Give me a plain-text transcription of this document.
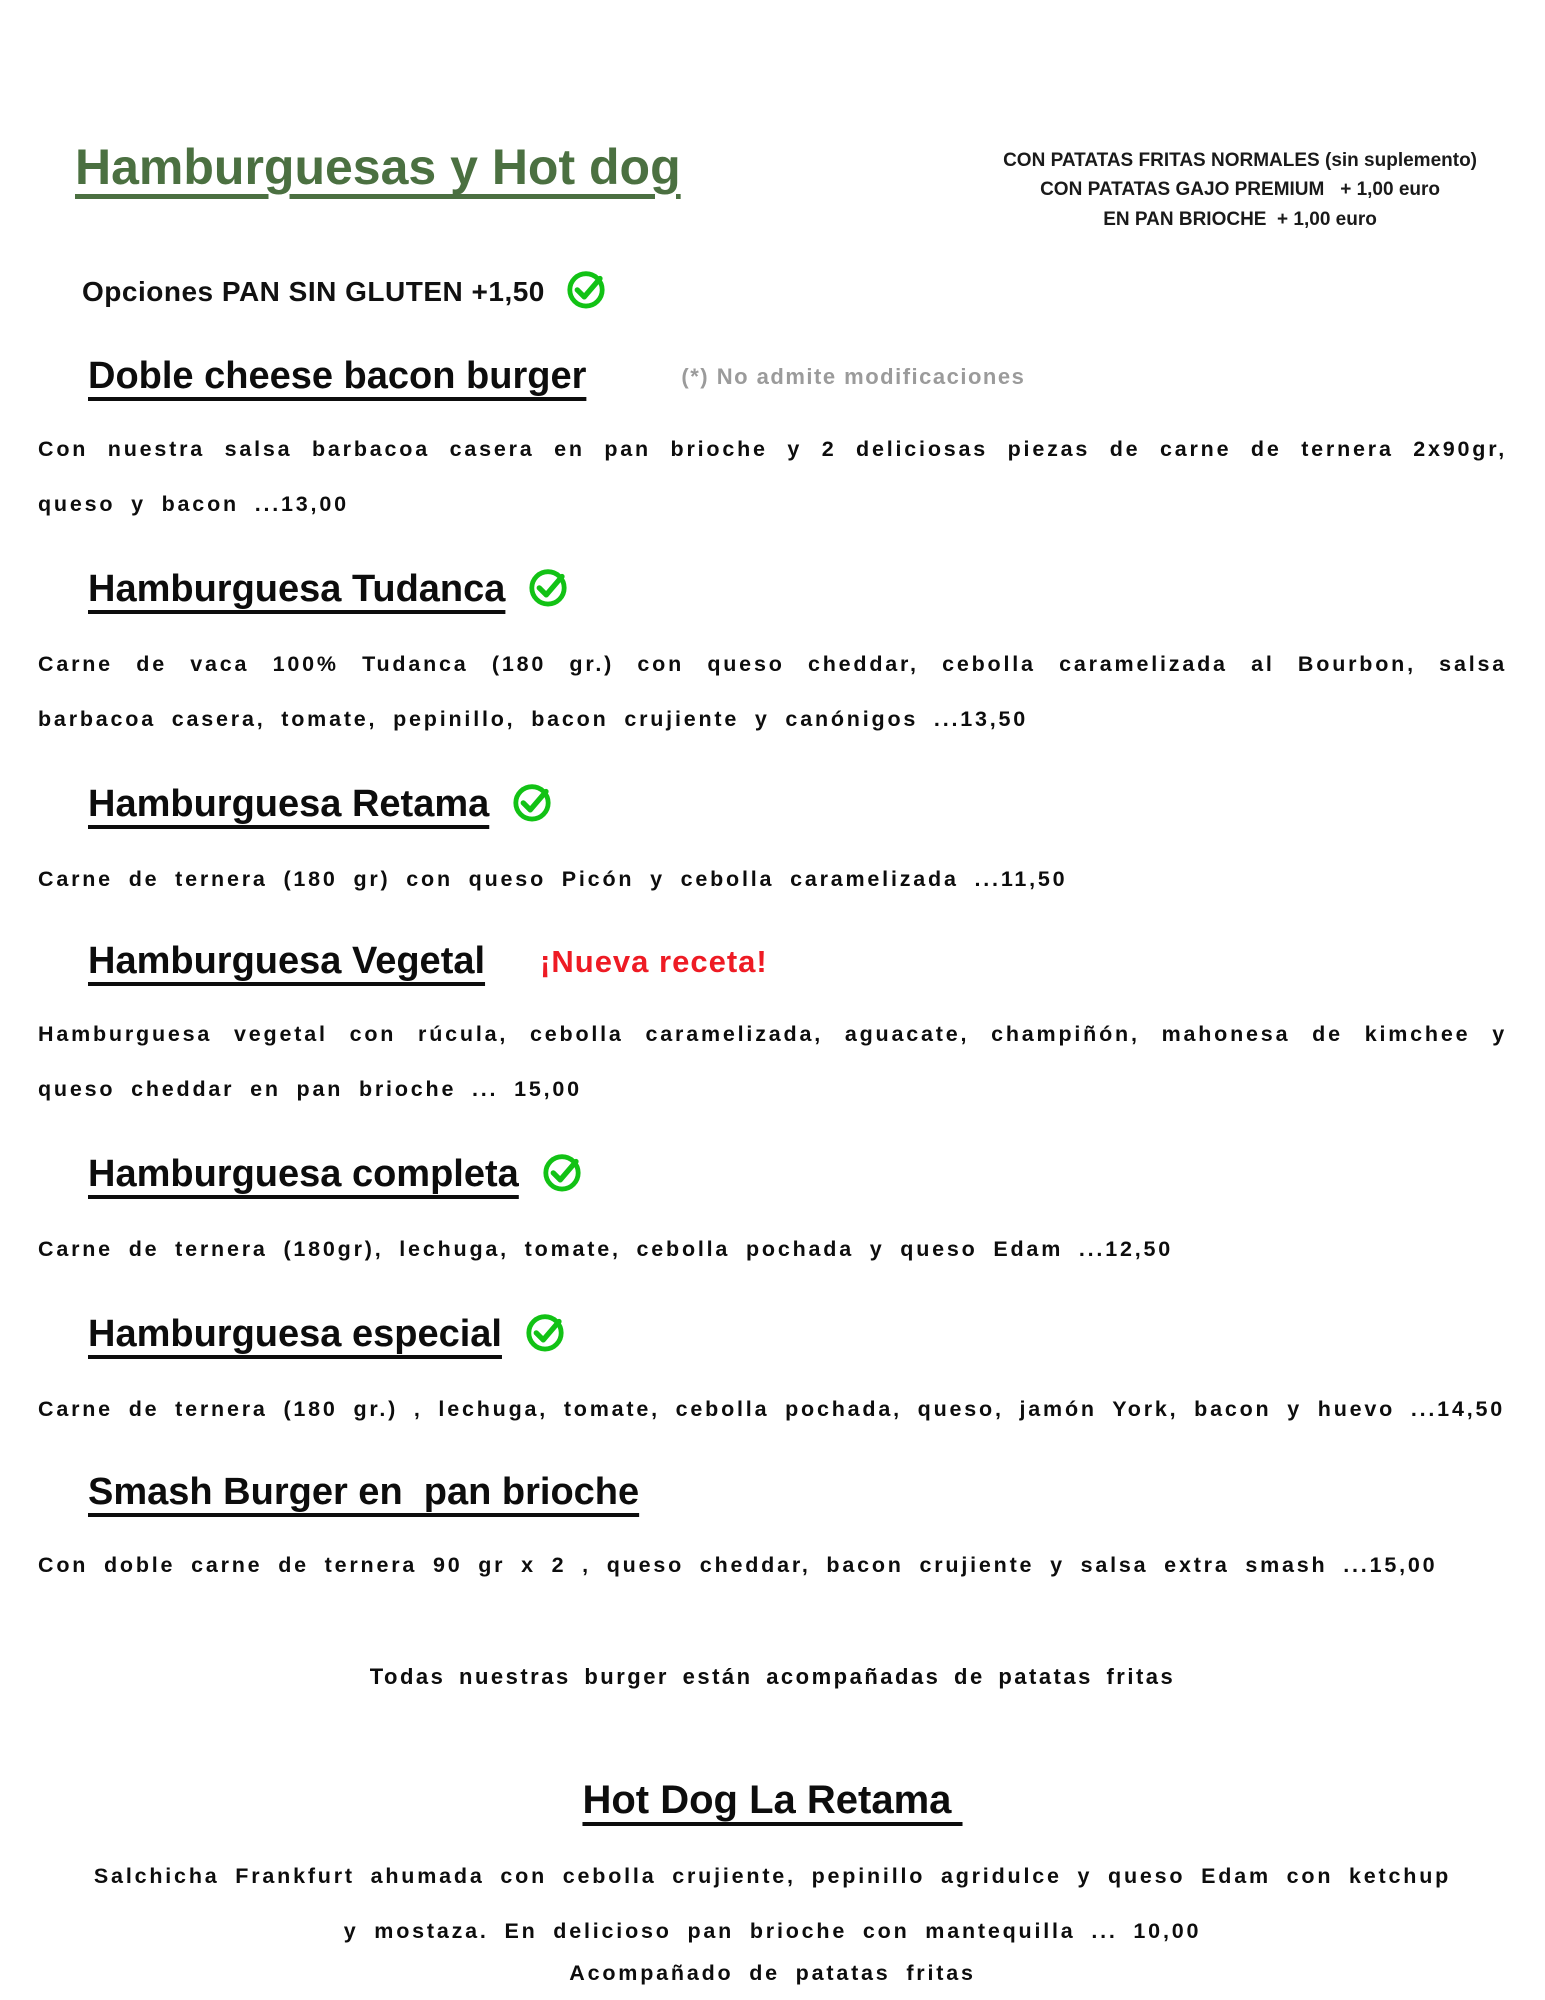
Hamburguesas y Hot dog	CON PATATAS FRITAS NORMALES (sin suplemento)
CON PATATAS GAJO PREMIUM   + 1,00 euro
EN PAN BRIOCHE  + 1,00 euro
Opciones PAN SIN GLUTEN +1,50
Doble cheese bacon burger	(*) No admite modificaciones
Con nuestra salsa barbacoa casera en pan brioche y 2 deliciosas piezas de carne de ternera 2x90gr, queso y bacon ...13,00
Hamburguesa Tudanca
Carne de vaca 100% Tudanca (180 gr.) con queso cheddar, cebolla caramelizada al Bourbon, salsa barbacoa casera, tomate, pepinillo, bacon crujiente y canónigos ...13,50
Hamburguesa Retama
Carne de ternera (180 gr) con queso Picón y cebolla caramelizada ...11,50
Hamburguesa Vegetal ¡Nueva receta!
Hamburguesa vegetal con rúcula, cebolla caramelizada, aguacate, champiñón, mahonesa de kimchee y queso cheddar en pan brioche ... 15,00
Hamburguesa completa
Carne de ternera (180gr), lechuga, tomate, cebolla pochada y queso Edam ...12,50
Hamburguesa especial
Carne de ternera (180 gr.) , lechuga, tomate, cebolla pochada, queso, jamón York, bacon y huevo ...14,50
Smash Burger en  pan brioche
Con doble carne de ternera 90 gr x 2 , queso cheddar, bacon crujiente y salsa extra smash ...15,00
Todas nuestras burger están acompañadas de patatas fritas
Hot Dog La Retama
Salchicha Frankfurt ahumada con cebolla crujiente, pepinillo agridulce y queso Edam con ketchup y mostaza. En delicioso pan brioche con mantequilla ... 10,00
Acompañado de patatas fritas
